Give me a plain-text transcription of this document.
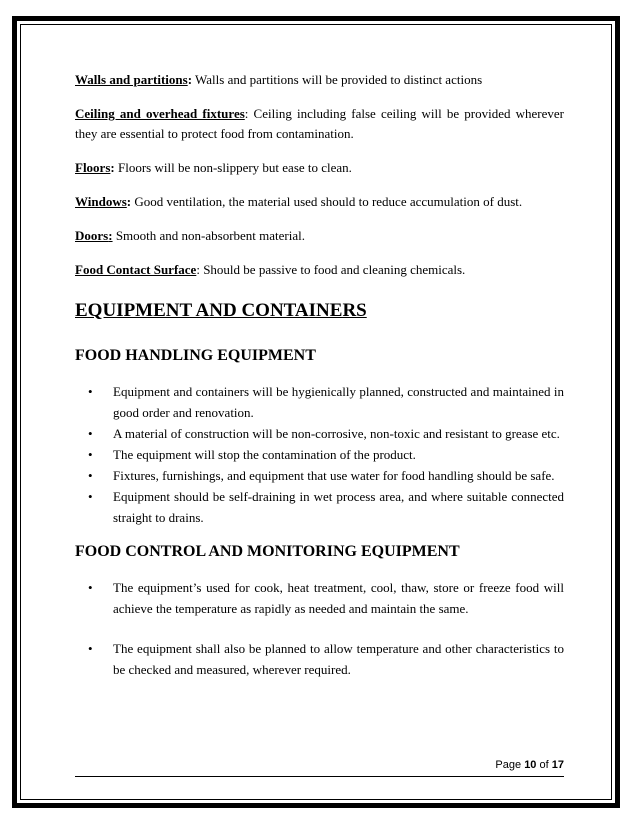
Walls and partitions: Walls and partitions will be provided to distinct actions

Ceiling and overhead fixtures: Ceiling including false ceiling will be provided wherever they are essential to protect food from contamination.

Floors: Floors will be non-slippery but ease to clean.

Windows: Good ventilation, the material used should to reduce accumulation of dust.

Doors: Smooth and non-absorbent material.

Food Contact Surface: Should be passive to food and cleaning chemicals.

EQUIPMENT AND CONTAINERS
FOOD HANDLING EQUIPMENT
• Equipment and containers will be hygienically planned, constructed and maintained in good order and renovation.
• A material of construction will be non-corrosive, non-toxic and resistant to grease etc.
• The equipment will stop the contamination of the product.
• Fixtures, furnishings, and equipment that use water for food handling should be safe.
• Equipment should be self-draining in wet process area, and where suitable connected straight to drains.
FOOD CONTROL AND MONITORING EQUIPMENT
• The equipment’s used for cook, heat treatment, cool, thaw, store or freeze food will achieve the temperature as rapidly as needed and maintain the same.
• The equipment shall also be planned to allow temperature and other characteristics to be checked and measured, wherever required.
Page 10 of 17
